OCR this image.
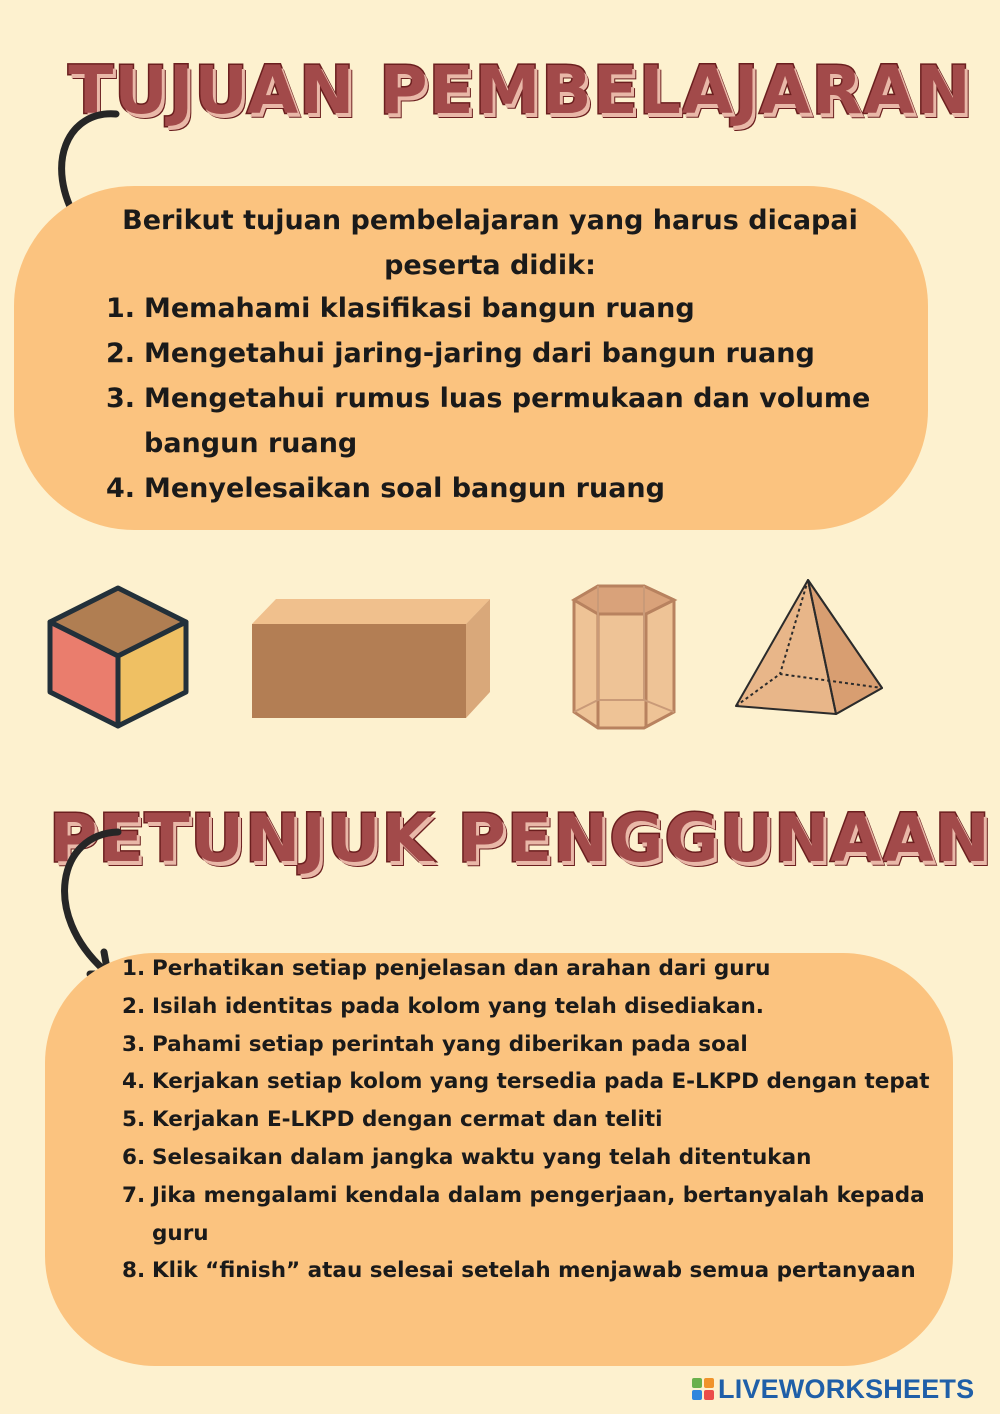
TUJUAN PEMBELAJARAN
Berikut tujuan pembelajaran yang harus dicapai peserta didik:
1. Memahami klasifikasi bangun ruang
2. Mengetahui jaring-jaring dari bangun ruang
3. Mengetahui rumus luas permukaan dan volume bangun ruang
4. Menyelesaikan soal bangun ruang
PETUNJUK PENGGUNAAN
1. Perhatikan setiap penjelasan dan arahan dari guru
2. Isilah identitas pada kolom yang telah disediakan.
3. Pahami setiap perintah yang diberikan pada soal
4. Kerjakan setiap kolom yang tersedia pada E-LKPD dengan tepat
5. Kerjakan E-LKPD dengan cermat dan teliti
6. Selesaikan dalam jangka waktu yang telah ditentukan
7. Jika mengalami kendala dalam pengerjaan, bertanyalah kepada guru
8. Klik “finish” atau selesai setelah menjawab semua pertanyaan
LIVEWORKSHEETS
